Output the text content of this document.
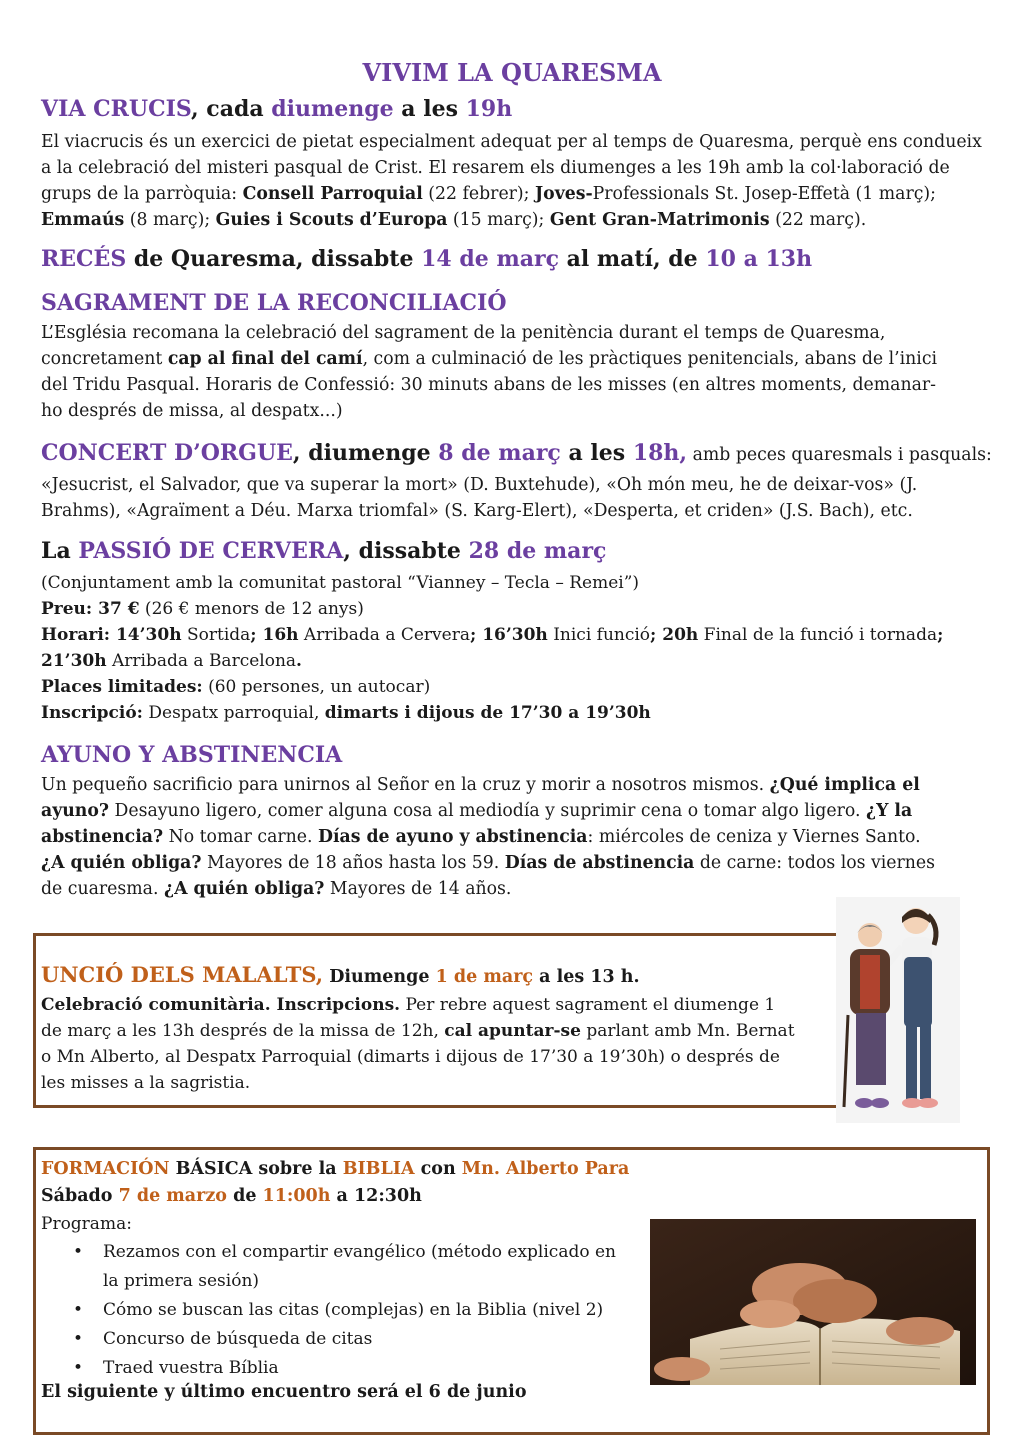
VIVIM LA QUARESMA
VIA CRUCIS, cada diumenge a les 19h
El viacrucis és un exercici de pietat especialment adequat per al temps de Quaresma, perquè ens condueix
a la celebració del misteri pasqual de Crist. El resarem els diumenges a les 19h amb la col·laboració de
grups de la parròquia: Consell Parroquial (22 febrer); Joves-Professionals St. Josep-Effetà (1 març);
Emmaús (8 març); Guies i Scouts d’Europa (15 març); Gent Gran-Matrimonis (22 març).
RECÉS de Quaresma, dissabte 14 de març al matí, de 10 a 13h
SAGRAMENT DE LA RECONCILIACIÓ
L’Església recomana la celebració del sagrament de la penitència durant el temps de Quaresma,
concretament cap al final del camí, com a culminació de les pràctiques penitencials, abans de l’inici
del Tridu Pasqual. Horaris de Confessió: 30 minuts abans de les misses (en altres moments, demanar-
ho després de missa, al despatx...)
CONCERT D’ORGUE, diumenge 8 de març a les 18h, amb peces quaresmals i pasquals:
«Jesucrist, el Salvador, que va superar la mort» (D. Buxtehude), «Oh món meu, he de deixar-vos» (J.
Brahms), «Agraïment a Déu. Marxa triomfal» (S. Karg-Elert), «Desperta, et criden» (J.S. Bach), etc.
La PASSIÓ DE CERVERA, dissabte 28 de març
(Conjuntament amb la comunitat pastoral “Vianney – Tecla – Remei”)
Preu: 37 € (26 € menors de 12 anys)
Horari: 14’30h Sortida; 16h Arribada a Cervera; 16’30h Inici funció; 20h Final de la funció i tornada;
21’30h Arribada a Barcelona.
Places limitades: (60 persones, un autocar)
Inscripció: Despatx parroquial, dimarts i dijous de 17’30 a 19’30h
AYUNO Y ABSTINENCIA
Un pequeño sacrificio para unirnos al Señor en la cruz y morir a nosotros mismos. ¿Qué implica el
ayuno? Desayuno ligero, comer alguna cosa al mediodía y suprimir cena o tomar algo ligero. ¿Y la
abstinencia? No tomar carne. Días de ayuno y abstinencia: miércoles de ceniza y Viernes Santo.
¿A quién obliga? Mayores de 18 años hasta los 59. Días de abstinencia de carne: todos los viernes
de cuaresma. ¿A quién obliga? Mayores de 14 años.
UNCIÓ DELS MALALTS, Diumenge 1 de març a les 13 h.
Celebració comunitària. Inscripcions. Per rebre aquest sagrament el diumenge 1
de març a les 13h després de la missa de 12h, cal apuntar-se parlant amb Mn. Bernat
o Mn Alberto, al Despatx Parroquial (dimarts i dijous de 17’30 a 19’30h) o després de
les misses a la sagristia.
FORMACIÓN BÁSICA sobre la BIBLIA con Mn. Alberto Para
Sábado 7 de marzo de 11:00h a 12:30h
Programa:
• Rezamos con el compartir evangélico (método explicado en
la primera sesión)
• Cómo se buscan las citas (complejas) en la Biblia (nivel 2)
• Concurso de búsqueda de citas
• Traed vuestra Bíblia
El siguiente y último encuentro será el 6 de junio
